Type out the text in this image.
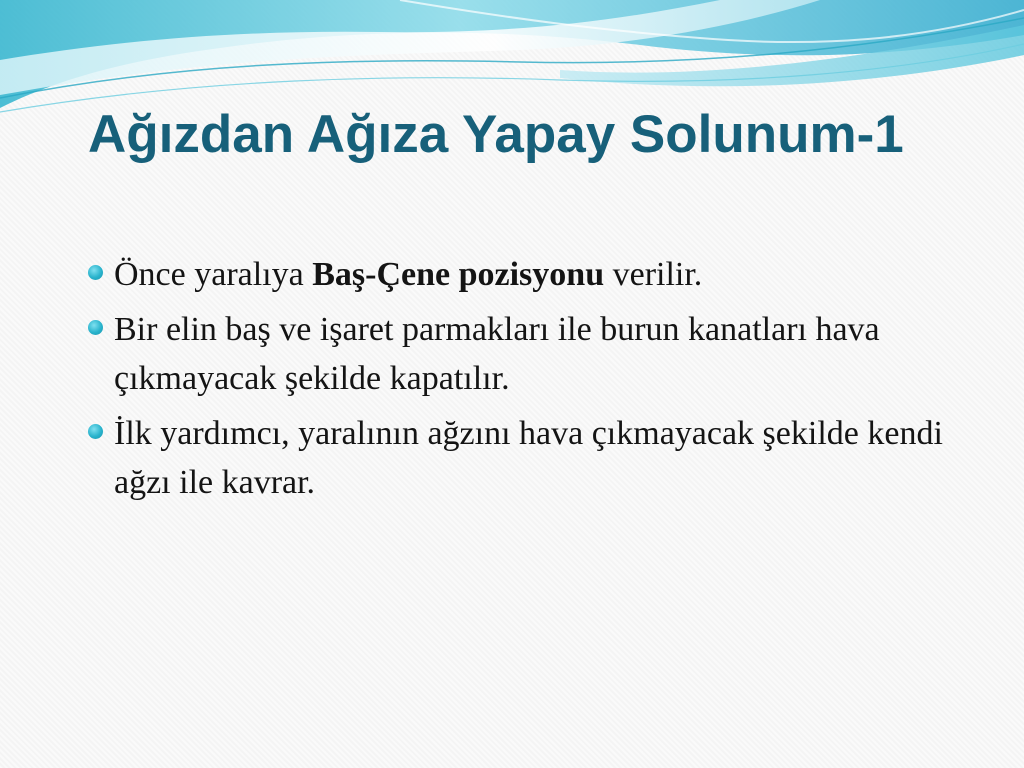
Ağızdan Ağıza Yapay Solunum-1
Önce yaralıya Baş-Çene pozisyonu verilir.
Bir elin baş ve işaret parmakları ile burun kanatları hava çıkmayacak şekilde kapatılır.
İlk yardımcı, yaralının ağzını hava çıkmayacak şekilde kendi ağzı ile kavrar.
